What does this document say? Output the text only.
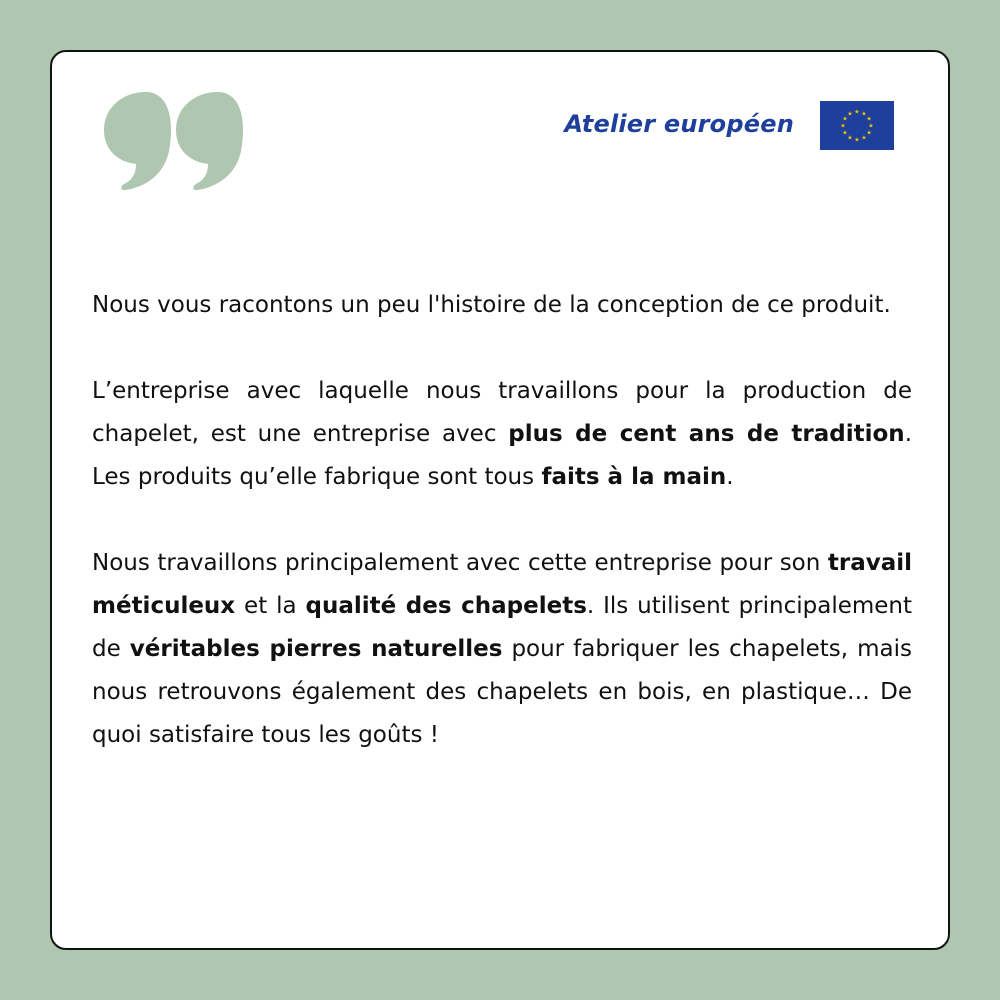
Atelier européen	★ ★
★
★
★
★
★
★
★
★
★
★

Nous vous racontons un peu l'histoire de la conception de ce produit.

L’entreprise avec laquelle nous travaillons pour la production de chapelet, est une entreprise avec plus de cent ans de tradition. Les produits qu’elle fabrique sont tous faits à la main.

Nous travaillons principalement avec cette entreprise pour son travail méticuleux et la qualité des chapelets. Ils utilisent principalement de véritables pierres naturelles pour fabriquer les chapelets, mais nous retrouvons également des chapelets en bois, en plastique… De quoi satisfaire tous les goûts !
